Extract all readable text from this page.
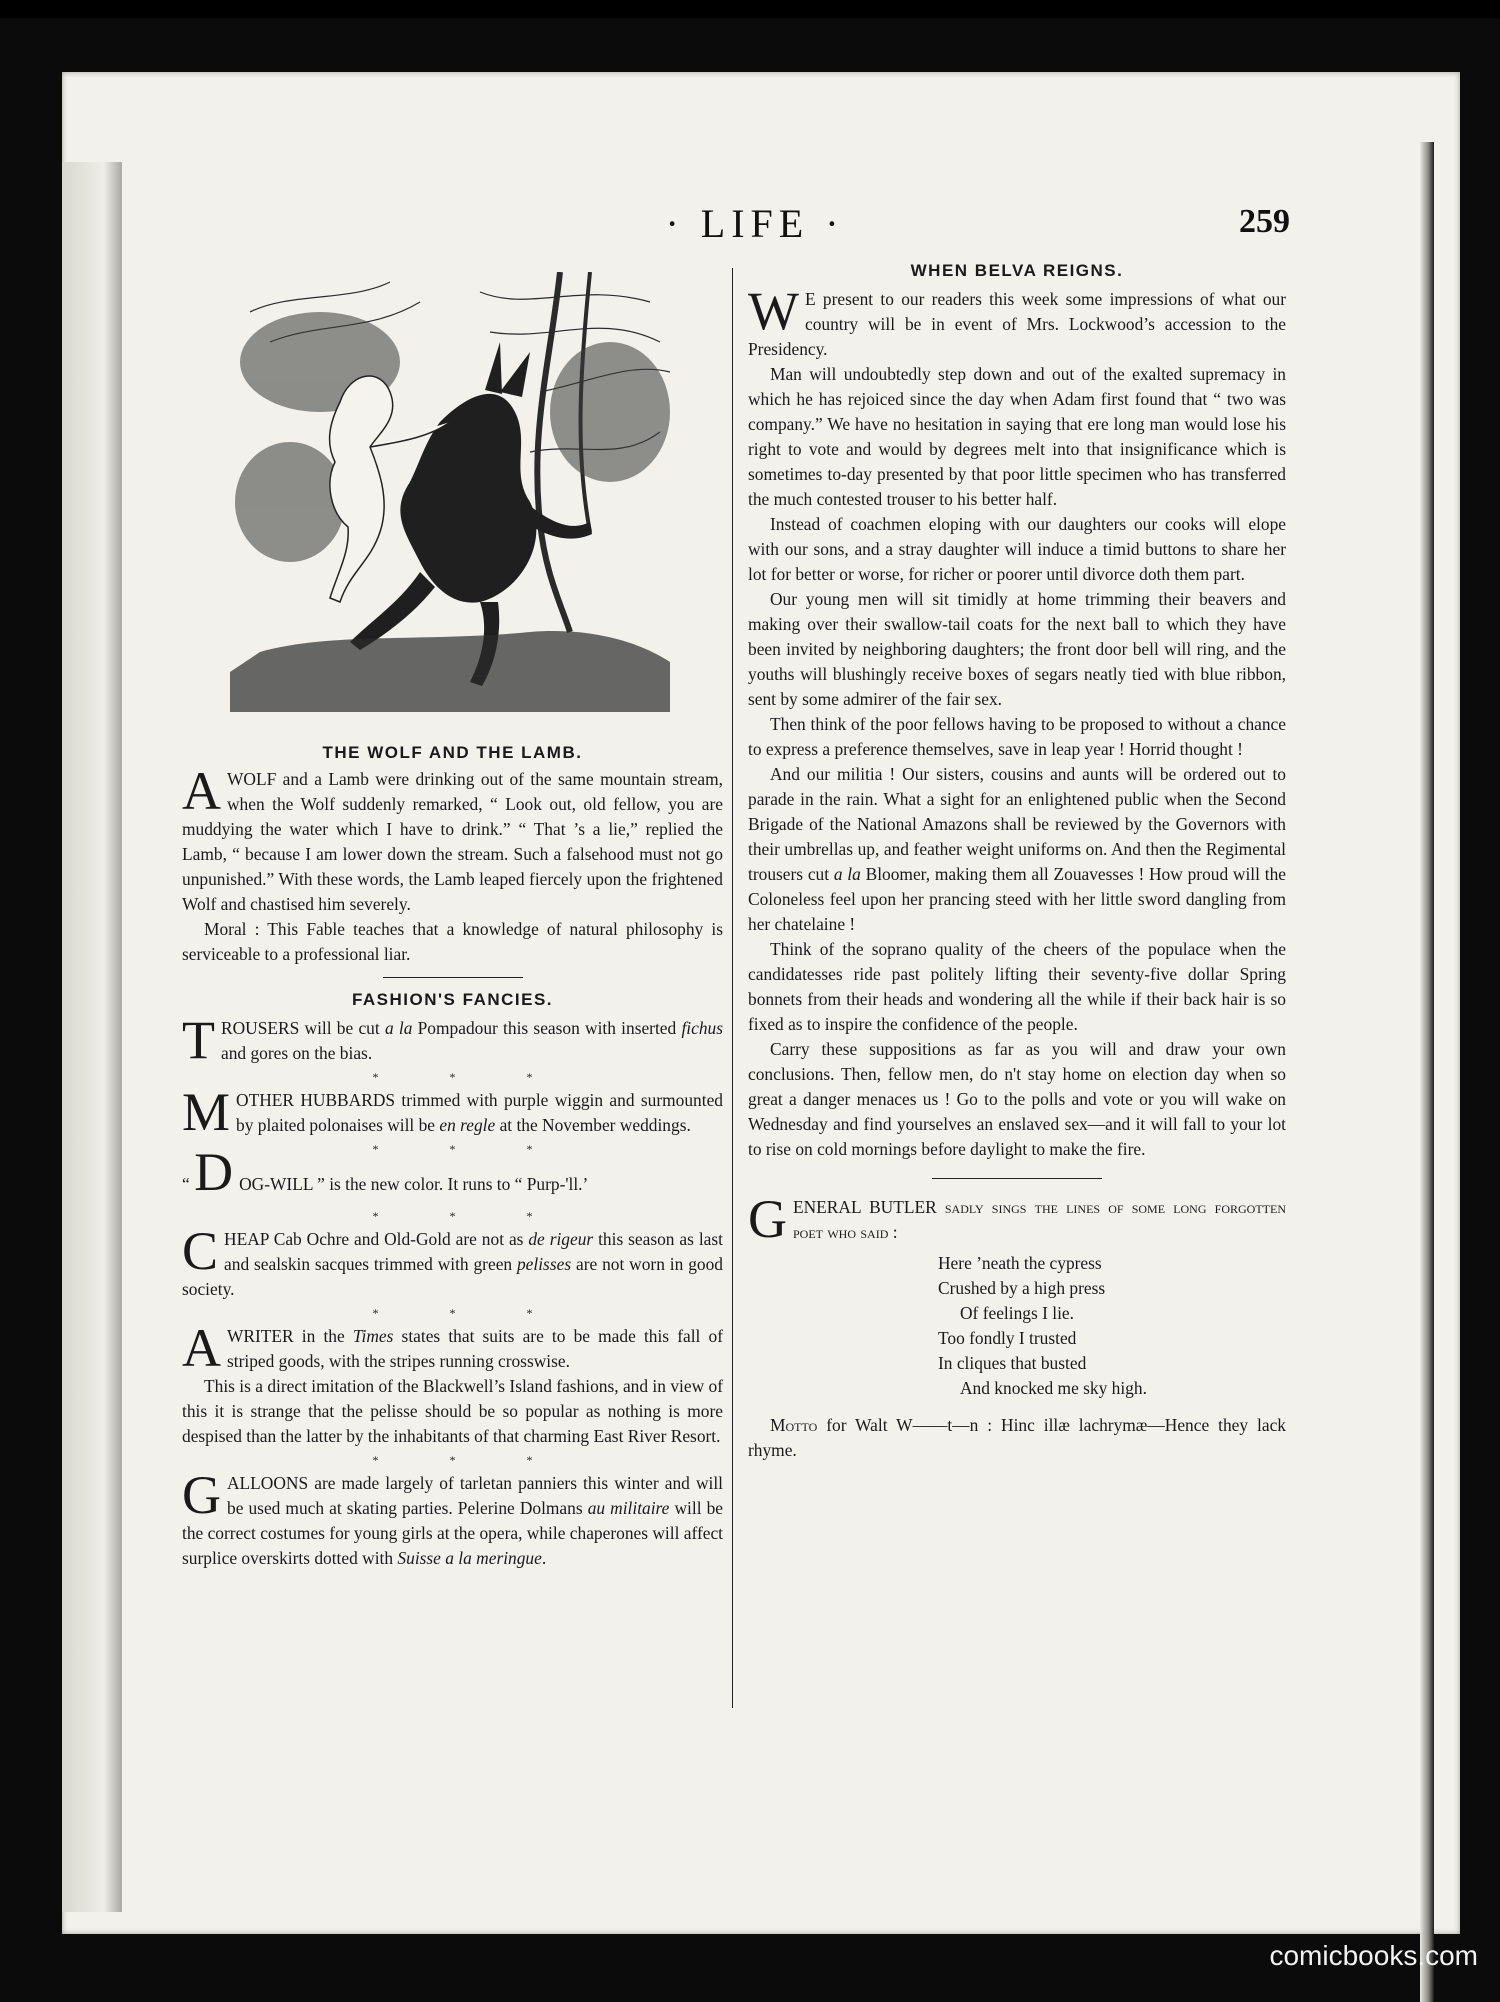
· LIFE ·	259

THE WOLF AND THE LAMB.

AWOLF and a Lamb were drinking out of the same mountain stream, when the Wolf suddenly remarked, “ Look out, old fellow, you are muddying the water which I have to drink.” “ That ’s a lie,” replied the Lamb, “ because I am lower down the stream. Such a falsehood must not go unpunished.” With these words, the Lamb leaped fiercely upon the frightened Wolf and chastised him severely.

Moral : This Fable teaches that a knowledge of natural philosophy is serviceable to a professional liar.

FASHION'S FANCIES.

TROUSERS will be cut a la Pompadour this season with inserted fichus and gores on the bias.

* * *

MOTHER HUBBARDS trimmed with purple wiggin and surmounted by plaited polonaises will be en regle at the November weddings.

* * *

“ D OG-WILL ” is the new color. It runs to “ Purp-'ll.’

* * *

CHEAP Cab Ochre and Old-Gold are not as de rigeur this season as last and sealskin sacques trimmed with green pelisses are not worn in good society.

* * *

AWRITER in the Times states that suits are to be made this fall of striped goods, with the stripes running crosswise.

This is a direct imitation of the Blackwell’s Island fashions, and in view of this it is strange that the pelisse should be so popular as nothing is more despised than the latter by the inhabitants of that charming East River Resort.

* * *

GALLOONS are made largely of tarletan panniers this winter and will be used much at skating parties. Pelerine Dolmans au militaire will be the correct costumes for young girls at the opera, while chaperones will affect surplice overskirts dotted with Suisse a la meringue.

WHEN BELVA REIGNS.

W E present to our readers this week some impressions of what our country will be in event of Mrs. Lockwood’s accession to the Presidency.

Man will undoubtedly step down and out of the exalted supremacy in which he has rejoiced since the day when Adam first found that “ two was company.” We have no hesitation in saying that ere long man would lose his right to vote and would by degrees melt into that insignificance which is sometimes to-day presented by that poor little specimen who has transferred the much contested trouser to his better half.

Instead of coachmen eloping with our daughters our cooks will elope with our sons, and a stray daughter will induce a timid buttons to share her lot for better or worse, for richer or poorer until divorce doth them part.

Our young men will sit timidly at home trimming their beavers and making over their swallow-tail coats for the next ball to which they have been invited by neighboring daughters; the front door bell will ring, and the youths will blushingly receive boxes of segars neatly tied with blue ribbon, sent by some admirer of the fair sex.

Then think of the poor fellows having to be proposed to without a chance to express a preference themselves, save in leap year ! Horrid thought !

And our militia ! Our sisters, cousins and aunts will be ordered out to parade in the rain. What a sight for an enlightened public when the Second Brigade of the National Amazons shall be reviewed by the Governors with their umbrellas up, and feather weight uniforms on. And then the Regimental trousers cut a la Bloomer, making them all Zouavesses ! How proud will the Coloneless feel upon her prancing steed with her little sword dangling from her chatelaine !

Think of the soprano quality of the cheers of the populace when the candidatesses ride past politely lifting their seventy-five dollar Spring bonnets from their heads and wondering all the while if their back hair is so fixed as to inspire the confidence of the people.

Carry these suppositions as far as you will and draw your own conclusions. Then, fellow men, do n't stay home on election day when so great a danger menaces us ! Go to the polls and vote or you will wake on Wednesday and find yourselves an enslaved sex—and it will fall to your lot to rise on cold mornings before daylight to make the fire.

GENERAL BUTLER sadly sings the lines of some long forgotten poet who said :

Here ’neath the cypress
Crushed by a high press
Of feelings I lie.
Too fondly I trusted
In cliques that busted
And knocked me sky high.

Motto for Walt W——t—n : Hinc illæ lachrymæ—Hence they lack rhyme.

comicbooks.com
